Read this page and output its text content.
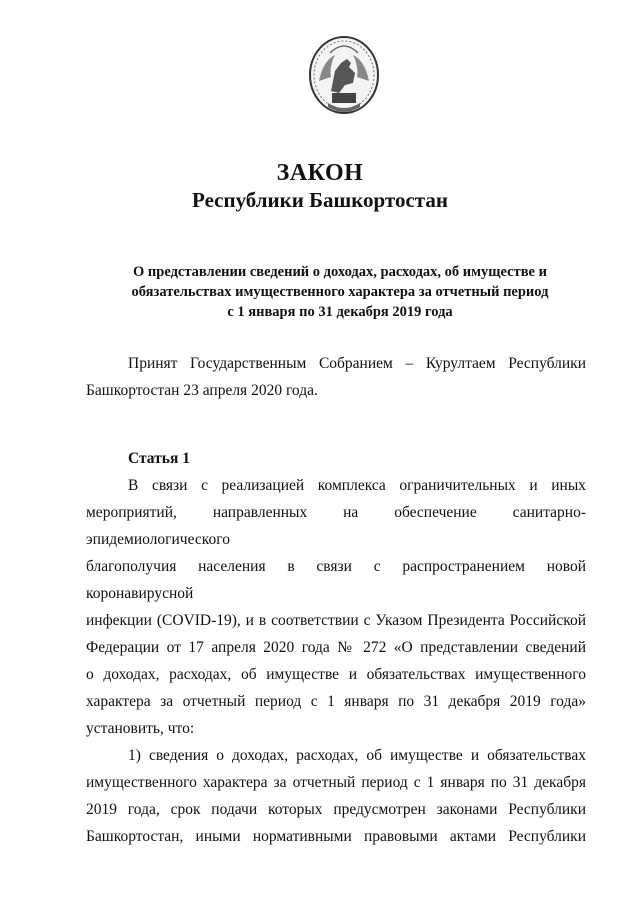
ЗАКОН
Республики Башкортостан
О представлении сведений о доходах, расходах, об имуществе и
обязательствах имущественного характера за отчетный период
с 1 января по 31 декабря 2019 года
Принят Государственным Собранием – Курултаем Республики
Башкортостан 23 апреля 2020 года.
Статья 1
В связи с реализацией комплекса ограничительных и иных
мероприятий, направленных на обеспечение санитарно-эпидемиологического
благополучия населения в связи с распространением новой коронавирусной
инфекции (COVID-19), и в соответствии с Указом Президента Российской
Федерации от 17 апреля 2020 года № 272 «О представлении сведений
о доходах, расходах, об имуществе и обязательствах имущественного
характера за отчетный период с 1 января по 31 декабря 2019 года»
установить, что:
1) сведения о доходах, расходах, об имуществе и обязательствах
имущественного характера за отчетный период с 1 января по 31 декабря
2019 года, срок подачи которых предусмотрен законами Республики
Башкортостан, иными нормативными правовыми актами Республики
